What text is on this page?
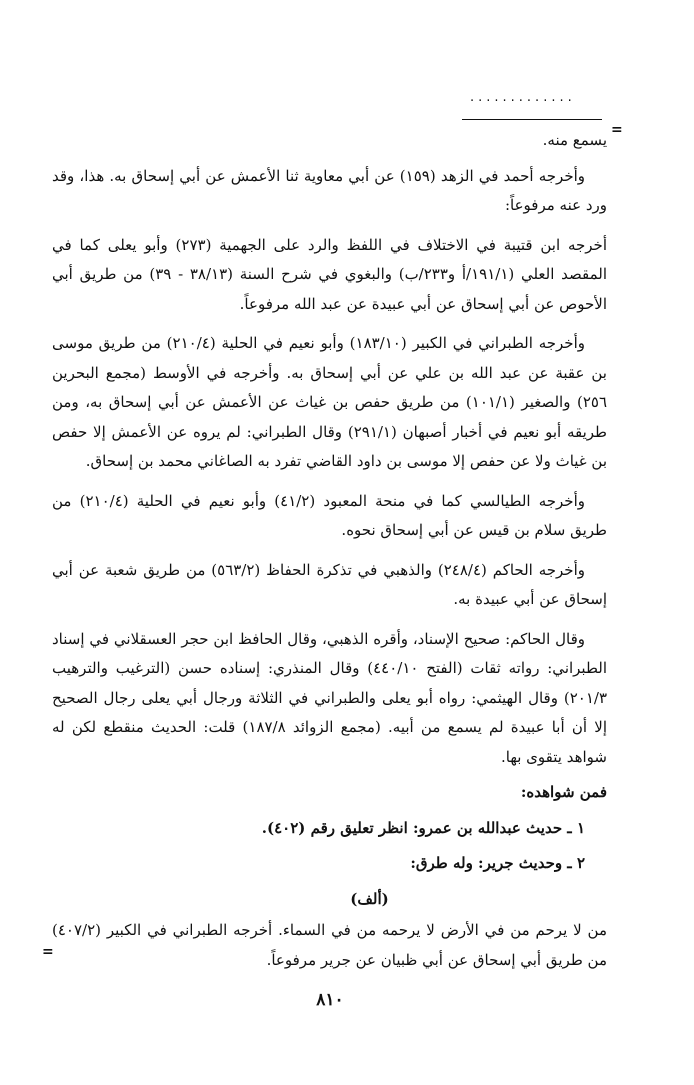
.............
=
=

يسمع منه.

وأخرجه أحمد في الزهد (١٥٩) عن أبي معاوية ثنا الأعمش عن أبي إسحاق به. هذا، وقد ورد عنه مرفوعاً:

أخرجه ابن قتيبة في الاختلاف في اللفظ والرد على الجهمية (٢٧٣) وأبو يعلى كما في المقصد العلي (١٩١/١/أ و٢٣٣/ب) والبغوي في شرح السنة (٣٨/١٣ - ٣٩) من طريق أبي الأحوص عن أبي إسحاق عن أبي عبيدة عن عبد الله مرفوعاً.

وأخرجه الطبراني في الكبير (١٨٣/١٠) وأبو نعيم في الحلية (٢١٠/٤) من طريق موسى بن عقبة عن عبد الله بن علي عن أبي إسحاق به. وأخرجه في الأوسط (مجمع البحرين ٢٥٦) والصغير (١٠١/١) من طريق حفص بن غياث عن الأعمش عن أبي إسحاق به، ومن طريقه أبو نعيم في أخبار أصبهان (٢٩١/١) وقال الطبراني: لم يروه عن الأعمش إلا حفص بن غياث ولا عن حفص إلا موسى بن داود القاضي تفرد به الصاغاني محمد بن إسحاق.

وأخرجه الطيالسي كما في منحة المعبود (٤١/٢) وأبو نعيم في الحلية (٢١٠/٤) من طريق سلام بن قيس عن أبي إسحاق نحوه.

وأخرجه الحاكم (٢٤٨/٤) والذهبي في تذكرة الحفاظ (٥٦٣/٢) من طريق شعبة عن أبي إسحاق عن أبي عبيدة به.

وقال الحاكم: صحيح الإسناد، وأقره الذهبي، وقال الحافظ ابن حجر العسقلاني في إسناد الطبراني: رواته ثقات (الفتح ٤٤٠/١٠) وقال المنذري: إسناده حسن (الترغيب والترهيب ٢٠١/٣) وقال الهيثمي: رواه أبو يعلى والطبراني في الثلاثة ورجال أبي يعلى رجال الصحيح إلا أن أبا عبيدة لم يسمع من أبيه. (مجمع الزوائد ١٨٧/٨) قلت: الحديث منقطع لكن له شواهد يتقوى بها.

فمن شواهده:

١ ـ حديث عبدالله بن عمرو: انظر تعليق رقم (٤٠٢).

٢ ـ وحديث جرير: وله طرق:

(ألف)

من لا يرحم من في الأرض لا يرحمه من في السماء. أخرجه الطبراني في الكبير (٤٠٧/٢) من طريق أبي إسحاق عن أبي ظبيان عن جرير مرفوعاً.

٨١٠
